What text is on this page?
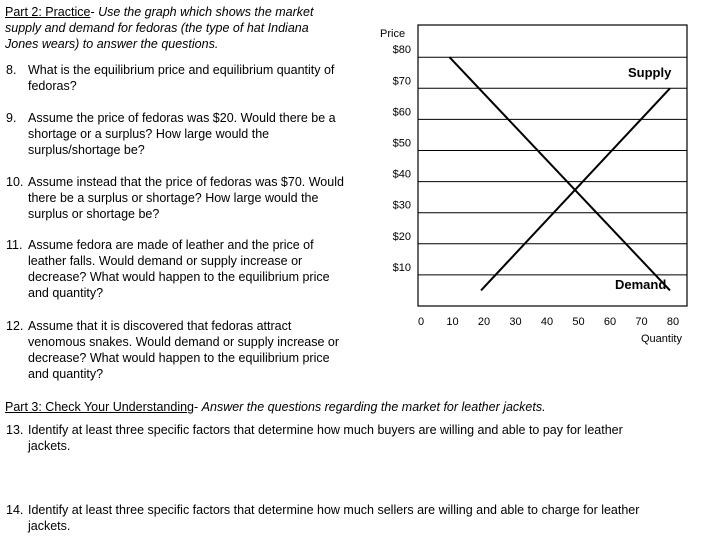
Part 2: Practice- Use the graph which shows the market
supply and demand for fedoras (the type of hat Indiana
Jones wears) to answer the questions.
8. What is the equilibrium price and equilibrium quantity of
fedoras?
9. Assume the price of fedoras was $20. Would there be a
shortage or a surplus? How large would the
surplus/shortage be?
10. Assume instead that the price of fedoras was $70. Would
there be a surplus or shortage? How large would the
surplus or shortage be?
11. Assume fedora are made of leather and the price of
leather falls. Would demand or supply increase or
decrease? What would happen to the equilibrium price
and quantity?
12. Assume that it is discovered that fedoras attract
venomous snakes. Would demand or supply increase or
decrease? What would happen to the equilibrium price
and quantity?
Part 3: Check Your Understanding- Answer the questions regarding the market for leather jackets.
13. Identify at least three specific factors that determine how much buyers are willing and able to pay for leather
jackets.
14. Identify at least three specific factors that determine how much sellers are willing and able to charge for leather
jackets.
$10
$20
$30
$40
$50
$60
$70
$80
0 10 20 30 40 50 60 70 80
Price
Quantity
Supply
Demand
